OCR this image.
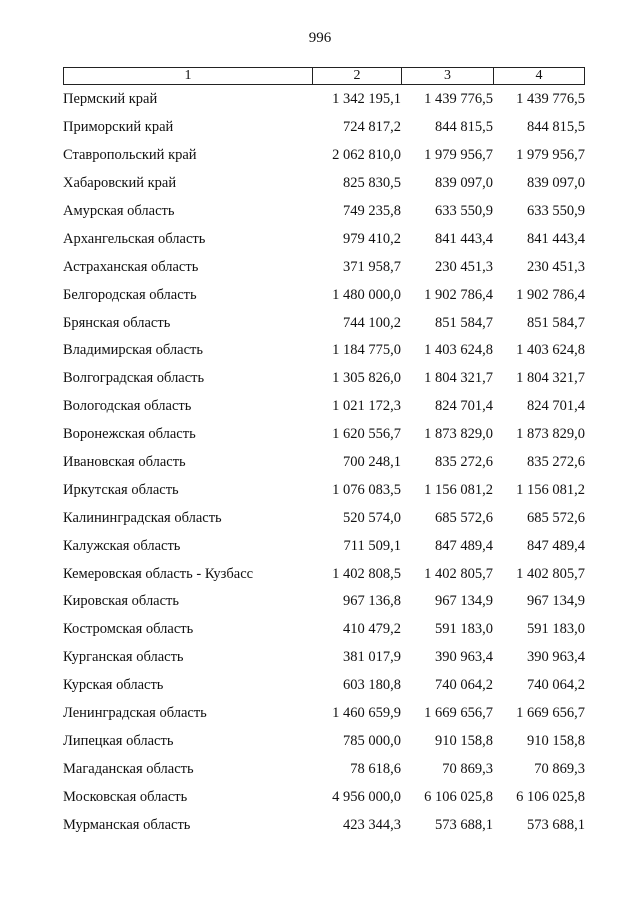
996
1	2	3	4
Пермский край	1 342 195,1	1 439 776,5	1 439 776,5
Приморский край	724 817,2	844 815,5	844 815,5
Ставропольский край	2 062 810,0	1 979 956,7	1 979 956,7
Хабаровский край	825 830,5	839 097,0	839 097,0
Амурская область	749 235,8	633 550,9	633 550,9
Архангельская область	979 410,2	841 443,4	841 443,4
Астраханская область	371 958,7	230 451,3	230 451,3
Белгородская область	1 480 000,0	1 902 786,4	1 902 786,4
Брянская область	744 100,2	851 584,7	851 584,7
Владимирская область	1 184 775,0	1 403 624,8	1 403 624,8
Волгоградская область	1 305 826,0	1 804 321,7	1 804 321,7
Вологодская область	1 021 172,3	824 701,4	824 701,4
Воронежская область	1 620 556,7	1 873 829,0	1 873 829,0
Ивановская область	700 248,1	835 272,6	835 272,6
Иркутская область	1 076 083,5	1 156 081,2	1 156 081,2
Калининградская область	520 574,0	685 572,6	685 572,6
Калужская область	711 509,1	847 489,4	847 489,4
Кемеровская область - Кузбасс	1 402 808,5	1 402 805,7	1 402 805,7
Кировская область	967 136,8	967 134,9	967 134,9
Костромская область	410 479,2	591 183,0	591 183,0
Курганская область	381 017,9	390 963,4	390 963,4
Курская область	603 180,8	740 064,2	740 064,2
Ленинградская область	1 460 659,9	1 669 656,7	1 669 656,7
Липецкая область	785 000,0	910 158,8	910 158,8
Магаданская область	78 618,6	70 869,3	70 869,3
Московская область	4 956 000,0	6 106 025,8	6 106 025,8
Мурманская область	423 344,3	573 688,1	573 688,1
